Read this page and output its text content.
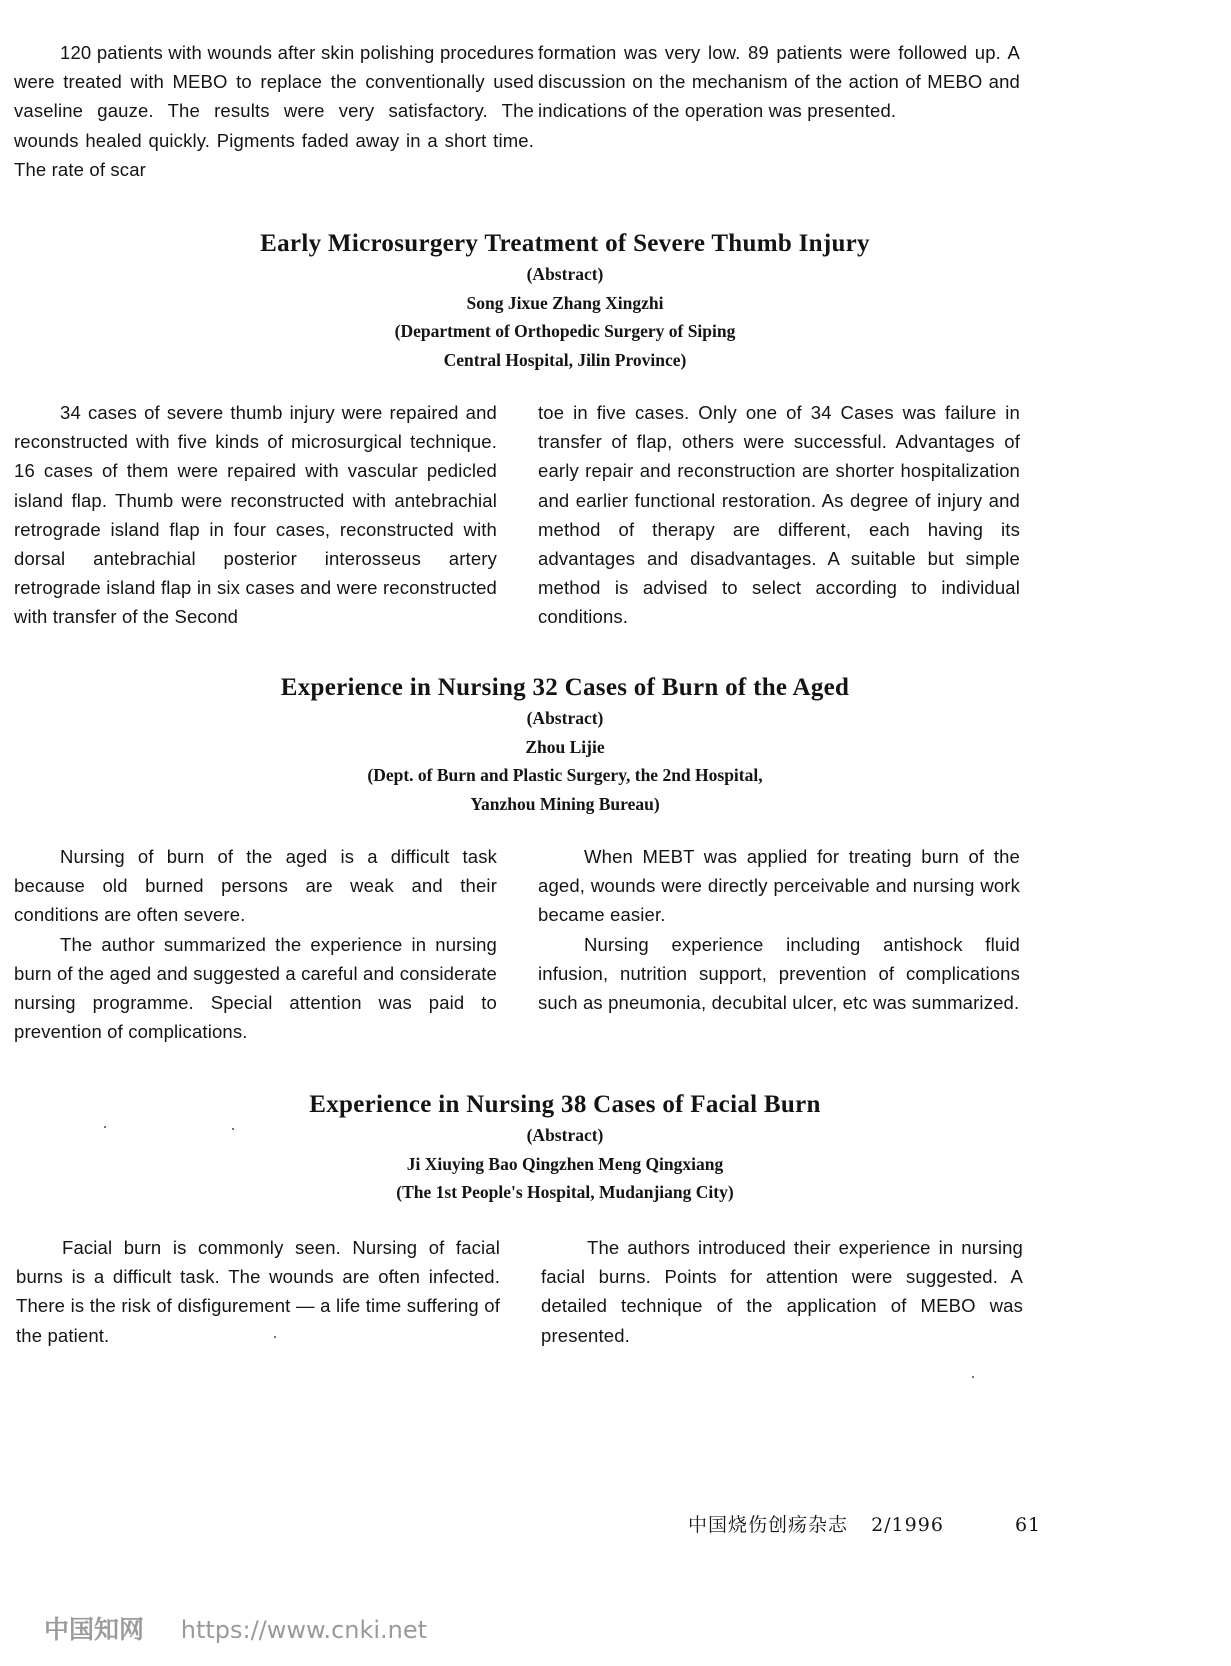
120 patients with wounds after skin polishing procedures were treated with MEBO to replace the conventionally used vaseline gauze. The results were very satisfactory. The wounds healed quickly. Pigments faded away in a short time. The rate of scar

formation was very low. 89 patients were followed up. A discussion on the mechanism of the action of MEBO and indications of the operation was presented.

Early Microsurgery Treatment of Severe Thumb Injury
(Abstract)
Song Jixue Zhang Xingzhi
(Department of Orthopedic Surgery of Siping
Central Hospital, Jilin Province)

34 cases of severe thumb injury were repaired and reconstructed with five kinds of microsurgical technique. 16 cases of them were repaired with vascular pedicled island flap. Thumb were reconstructed with antebrachial retrograde island flap in four cases, reconstructed with dorsal antebrachial posterior interosseus artery retrograde island flap in six cases and were reconstructed with transfer of the Second

toe in five cases. Only one of 34 Cases was failure in transfer of flap, others were successful. Advantages of early repair and reconstruction are shorter hospitalization and earlier functional restoration. As degree of injury and method of therapy are different, each having its advantages and disadvantages. A suitable but simple method is advised to select according to individual conditions.

Experience in Nursing 32 Cases of Burn of the Aged
(Abstract)
Zhou Lijie
(Dept. of Burn and Plastic Surgery, the 2nd Hospital,
Yanzhou Mining Bureau)

Nursing of burn of the aged is a difficult task because old burned persons are weak and their conditions are often severe.

The author summarized the experience in nursing burn of the aged and suggested a careful and considerate nursing programme. Special attention was paid to prevention of complications.

When MEBT was applied for treating burn of the aged, wounds were directly perceivable and nursing work became easier.

Nursing experience including antishock fluid infusion, nutrition support, prevention of complications such as pneumonia, decubital ulcer, etc was summarized.

Experience in Nursing 38 Cases of Facial Burn
(Abstract)
Ji Xiuying Bao Qingzhen Meng Qingxiang
(The 1st People's Hospital, Mudanjiang City)

Facial burn is commonly seen. Nursing of facial burns is a difficult task. The wounds are often infected. There is the risk of disfigurement — a life time suffering of the patient.

The authors introduced their experience in nursing facial burns. Points for attention were suggested. A detailed technique of the application of MEBO was presented.

中国烧伤创疡杂志 2/1996	61
中国知网 https://www.cnki.net
